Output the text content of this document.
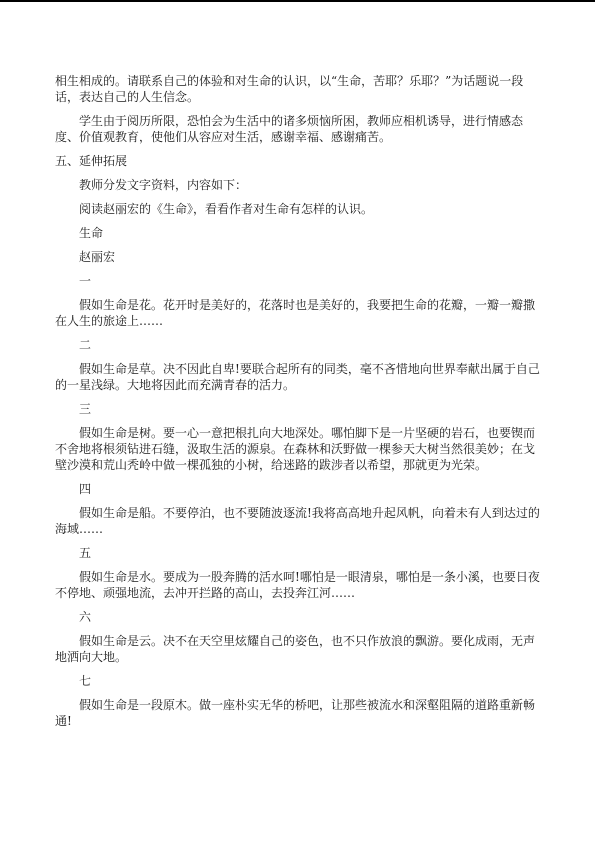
相生相成的。请联系自己的体验和对生命的认识，以“生命，苦耶？乐耶？”为话题说一段

话，表达自己的人生信念。

学生由于阅历所限，恐怕会为生活中的诸多烦恼所困，教师应相机诱导，进行情感态

度、价值观教育，使他们从容应对生活，感谢幸福、感谢痛苦。

五、延伸拓展

教师分发文字资料，内容如下：

阅读赵丽宏的《生命》，看看作者对生命有怎样的认识。

生命

赵丽宏

一

假如生命是花。花开时是美好的，花落时也是美好的，我要把生命的花瓣，一瓣一瓣撒

在人生的旅途上……

二

假如生命是草。决不因此自卑!要联合起所有的同类，毫不吝惜地向世界奉献出属于自己

的一星浅绿。大地将因此而充满青春的活力。

三

假如生命是树。要一心一意把根扎向大地深处。哪怕脚下是一片坚硬的岩石，也要锲而

不舍地将根须钻进石缝，汲取生活的源泉。在森林和沃野做一棵参天大树当然很美妙；在戈

壁沙漠和荒山秃岭中做一棵孤独的小树，给迷路的跋涉者以希望，那就更为光荣。

四

假如生命是船。不要停泊，也不要随波逐流!我将高高地升起风帆，向着未有人到达过的

海域……

五

假如生命是水。要成为一股奔腾的活水呵!哪怕是一眼清泉，哪怕是一条小溪，也要日夜

不停地、顽强地流，去冲开拦路的高山，去投奔江河……

六

假如生命是云。决不在天空里炫耀自己的姿色，也不只作放浪的飘游。要化成雨，无声

地洒向大地。

七

假如生命是一段原木。做一座朴实无华的桥吧，让那些被流水和深壑阻隔的道路重新畅

通!
